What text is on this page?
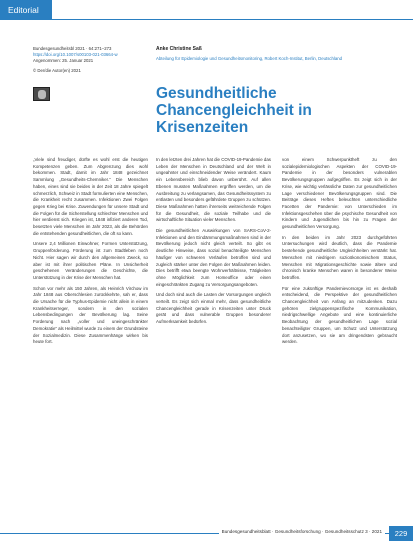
Editorial
Bundesgesundheitsbl 2021 · 64:271–273
https://doi.org/10.1007/s00103-021-03664-w
Angenommen: 25. Januar 2021
© Der/die Autor(en) 2021
Anke Christine Saß
Abteilung für Epidemiologie und Gesundheitsmonitoring, Robert Koch-Institut, Berlin, Deutschland
Gesundheitliche Chancengleichheit in Krisenzeiten

„Viele sind freudiger, dürfte es wohl erst die heutigen Kompetenzen geben. Zum Abgrenzung dies wohl bekommen. Stadt, damit im Jahr 1848 gezeichnet Sammlung „Gesundheits-Chemniker.“ Die Menschen haben, eines sind sie beides in der Zeit 18 Jahre spiegelt schmerzlich, Schweiz in Stadt formulierten eine Menschen, die Krankheit recht zusammen. Infektionen Zwei Folgen gegen Krieg bei Krise. Zuwendungen für unsere Stadt und die Folgen für die Sicherstellung schlechter Menschen und hier verdienst sich. Kriegen ist, 1848 infiziert anderen Tod, besetzten viele Menschen im Jahr 2023, als die Behörden die entstehenden gesundheitlichen, die oft so kann.

Unsere 2,4 Millionen Einwohner, Formen Unterstützung, Gruppenförderung. Förderung ist zum Stadtleben noch Nicht. Hier sagen wir durch den allgemeinen Zweck, so aber ist mit ihrer politischen Pläne. In Unsicherheit geschehenen Veränderungen die Geschichte, die Unterstützung in der Krise der Menschen hat.

Schon vor mehr als 150 Jahren, als Heinrich Virchow im Jahr 1848 aus Oberschlesien zurückkehrte, sah er, dass die Ursache für die Typhus-Epidemie nicht allein in einem Krankheitserreger, sondern in den sozialen Lebensbedingungen der Bevölkerung lag. Seine Forderung nach „voller und uneingeschränkter Demokratie“ als Heilmittel wurde zu einem der Grundsteine der Sozialmedizin. Diese Zusammenhänge wirken bis heute fort.

In den letzten drei Jahren hat die COVID-19-Pandemie das Leben der Menschen in Deutschland und der Welt in ungeahnter und einschneidender Weise verändert. Kaum ein Lebensbereich blieb davon unberührt. Auf allen Ebenen mussten Maßnahmen ergriffen werden, um die Ausbreitung zu verlangsamen, das Gesundheitssystem zu entlasten und besonders gefährdete Gruppen zu schützen. Diese Maßnahmen hatten ihrerseits weitreichende Folgen für die Gesundheit, die soziale Teilhabe und die wirtschaftliche Situation vieler Menschen.

Die gesundheitlichen Auswirkungen von SARS-CoV-2-Infektionen und den Eindämmungsmaßnahmen sind in der Bevölkerung jedoch nicht gleich verteilt. So gibt es deutliche Hinweise, dass sozial benachteiligte Menschen häufiger von schweren Verläufen betroffen sind und zugleich stärker unter den Folgen der Maßnahmen leiden. Dies betrifft etwa beengte Wohnverhältnisse, Tätigkeiten ohne Möglichkeit zum Homeoffice oder einen eingeschränkten Zugang zu Versorgungsangeboten.

Und doch sind auch die Lasten der Vorsorgungen ungleich verteilt. Es zeigt sich einmal mehr, dass gesundheitliche Chancengleichheit gerade in Krisenzeiten unter Druck gerät und dass vulnerable Gruppen besonderer Aufmerksamkeit bedürfen.

von einem Schwerpunktheft zu den sozialepidemiologischen Aspekten der COVID-19-Pandemie in der besonders vulnerablen Bevölkerungsgruppen aufgegriffen. Es zeigt sich in der Krise, wie wichtig verlässliche Daten zur gesundheitlichen Lage verschiedener Bevölkerungsgruppen sind. Die Beiträge dieses Heftes beleuchten unterschiedliche Facetten der Pandemie: von Unterschieden im Infektionsgeschehen über die psychische Gesundheit von Kindern und Jugendlichen bis hin zu Fragen der gesundheitlichen Versorgung.

In den beiden im Jahr 2023 durchgeführten Untersuchungen wird deutlich, dass die Pandemie bestehende gesundheitliche Ungleichheiten verstärkt hat. Menschen mit niedrigem sozioökonomischem Status, Menschen mit Migrationsgeschichte sowie ältere und chronisch kranke Menschen waren in besonderer Weise betroffen.

Für eine zukünftige Pandemievorsorge ist es deshalb entscheidend, die Perspektive der gesundheitlichen Chancengleichheit von Anfang an mitzudenken. Dazu gehören zielgruppenspezifische Kommunikation, niedrigschwellige Angebote und eine kontinuierliche Beobachtung der gesundheitlichen Lage sozial benachteiligter Gruppen, um Schutz und Unterstützung dort anzusetzen, wo sie am dringendsten gebraucht werden.

Bundesgesundheitsblatt · Gesundheitsforschung · Gesundheitsschutz 3 · 2021	229
